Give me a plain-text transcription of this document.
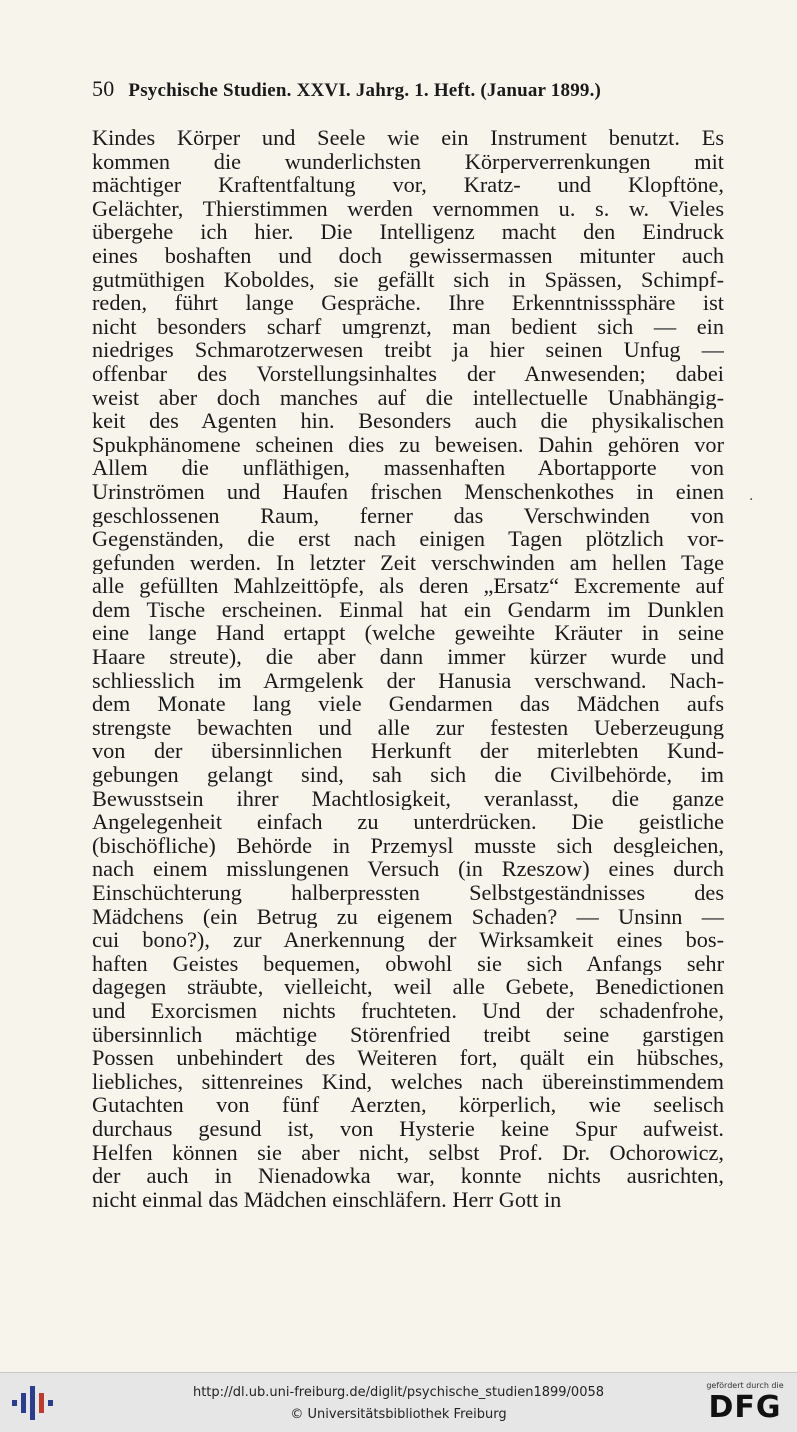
50 Psychische Studien. XXVI. Jahrg. 1. Heft. (Januar 1899.)
Kindes Körper und Seele wie ein Instrument benutzt. Es
kommen die wunderlichsten Körperverrenkungen mit
mächtiger Kraftentfaltung vor, Kratz- und Klopftöne,
Gelächter, Thierstimmen werden vernommen u. s. w. Vieles
übergehe ich hier. Die Intelligenz macht den Eindruck
eines boshaften und doch gewissermassen mitunter auch
gutmüthigen Koboldes, sie gefällt sich in Spässen, Schimpf-
reden, führt lange Gespräche. Ihre Erkenntnisssphäre ist
nicht besonders scharf umgrenzt, man bedient sich — ein
niedriges Schmarotzerwesen treibt ja hier seinen Unfug —
offenbar des Vorstellungsinhaltes der Anwesenden; dabei
weist aber doch manches auf die intellectuelle Unabhängig-
keit des Agenten hin. Besonders auch die physikalischen
Spukphänomene scheinen dies zu beweisen. Dahin gehören vor
Allem die unfläthigen, massenhaften Abortapporte von
Urinströmen und Haufen frischen Menschenkothes in einen
geschlossenen Raum, ferner das Verschwinden von
Gegenständen, die erst nach einigen Tagen plötzlich vor-
gefunden werden. In letzter Zeit verschwinden am hellen Tage
alle gefüllten Mahlzeittöpfe, als deren „Ersatz“ Excremente auf
dem Tische erscheinen. Einmal hat ein Gendarm im Dunklen
eine lange Hand ertappt (welche geweihte Kräuter in seine
Haare streute), die aber dann immer kürzer wurde und
schliesslich im Armgelenk der Hanusia verschwand. Nach-
dem Monate lang viele Gendarmen das Mädchen aufs
strengste bewachten und alle zur festesten Ueberzeugung
von der übersinnlichen Herkunft der miterlebten Kund-
gebungen gelangt sind, sah sich die Civilbehörde, im
Bewusstsein ihrer Machtlosigkeit, veranlasst, die ganze
Angelegenheit einfach zu unterdrücken. Die geistliche
(bischöfliche) Behörde in Przemysl musste sich desgleichen,
nach einem misslungenen Versuch (in Rzeszow) eines durch
Einschüchterung halberpressten Selbstgeständnisses des
Mädchens (ein Betrug zu eigenem Schaden? — Unsinn —
cui bono?), zur Anerkennung der Wirksamkeit eines bos-
haften Geistes bequemen, obwohl sie sich Anfangs sehr
dagegen sträubte, vielleicht, weil alle Gebete, Benedictionen
und Exorcismen nichts fruchteten. Und der schadenfrohe,
übersinnlich mächtige Störenfried treibt seine garstigen
Possen unbehindert des Weiteren fort, quält ein hübsches,
liebliches, sittenreines Kind, welches nach übereinstimmendem
Gutachten von fünf Aerzten, körperlich, wie seelisch
durchaus gesund ist, von Hysterie keine Spur aufweist.
Helfen können sie aber nicht, selbst Prof. Dr. Ochorowicz,
der auch in Nienadowka war, konnte nichts ausrichten,
nicht einmal das Mädchen einschläfern. Herr Gott in
·
http://dl.ub.uni-freiburg.de/diglit/psychische_studien1899/0058
© Universitätsbibliothek Freiburg
gefördert durch die
DFG
